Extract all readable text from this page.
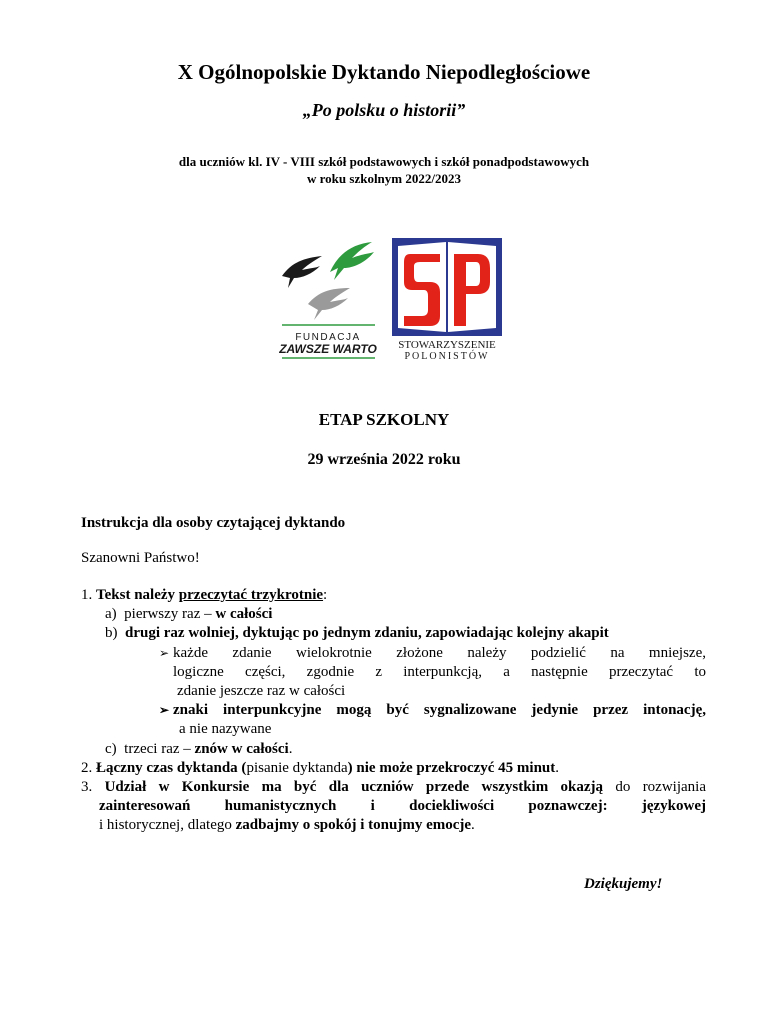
X Ogólnopolskie Dyktando Niepodległościowe
„Po polsku o historii”
dla uczniów kl. IV - VIII szkół podstawowych i szkół ponadpodstawowych
w roku szkolnym 2022/2023
FUNDACJA
ZAWSZE WARTO STOWARZYSZENIE
POLONISTÓW
ETAP SZKOLNY
29 września 2022 roku
Instrukcja dla osoby czytającej dyktando
Szanowni Państwo!
1. Tekst należy przeczytać trzykrotnie:
a) pierwszy raz – w całości
b) drugi raz wolniej, dyktując po jednym zdaniu, zapowiadając kolejny akapit
➢ każde zdanie wielokrotnie złożone należy podzielić na mniejsze,
logiczne części, zgodnie z interpunkcją, a następnie przeczytać to
zdanie jeszcze raz w całości
➢ znaki interpunkcyjne mogą być sygnalizowane jedynie przez intonację,
a nie nazywane
c) trzeci raz – znów w całości.
2. Łączny czas dyktanda (pisanie dyktanda) nie może przekroczyć 45 minut.
3. Udział w Konkursie ma być dla uczniów przede wszystkim okazją do rozwijania
zainteresowań humanistycznych i dociekliwości poznawczej: językowej
i historycznej, dlatego zadbajmy o spokój i tonujmy emocje.
Dziękujemy!
